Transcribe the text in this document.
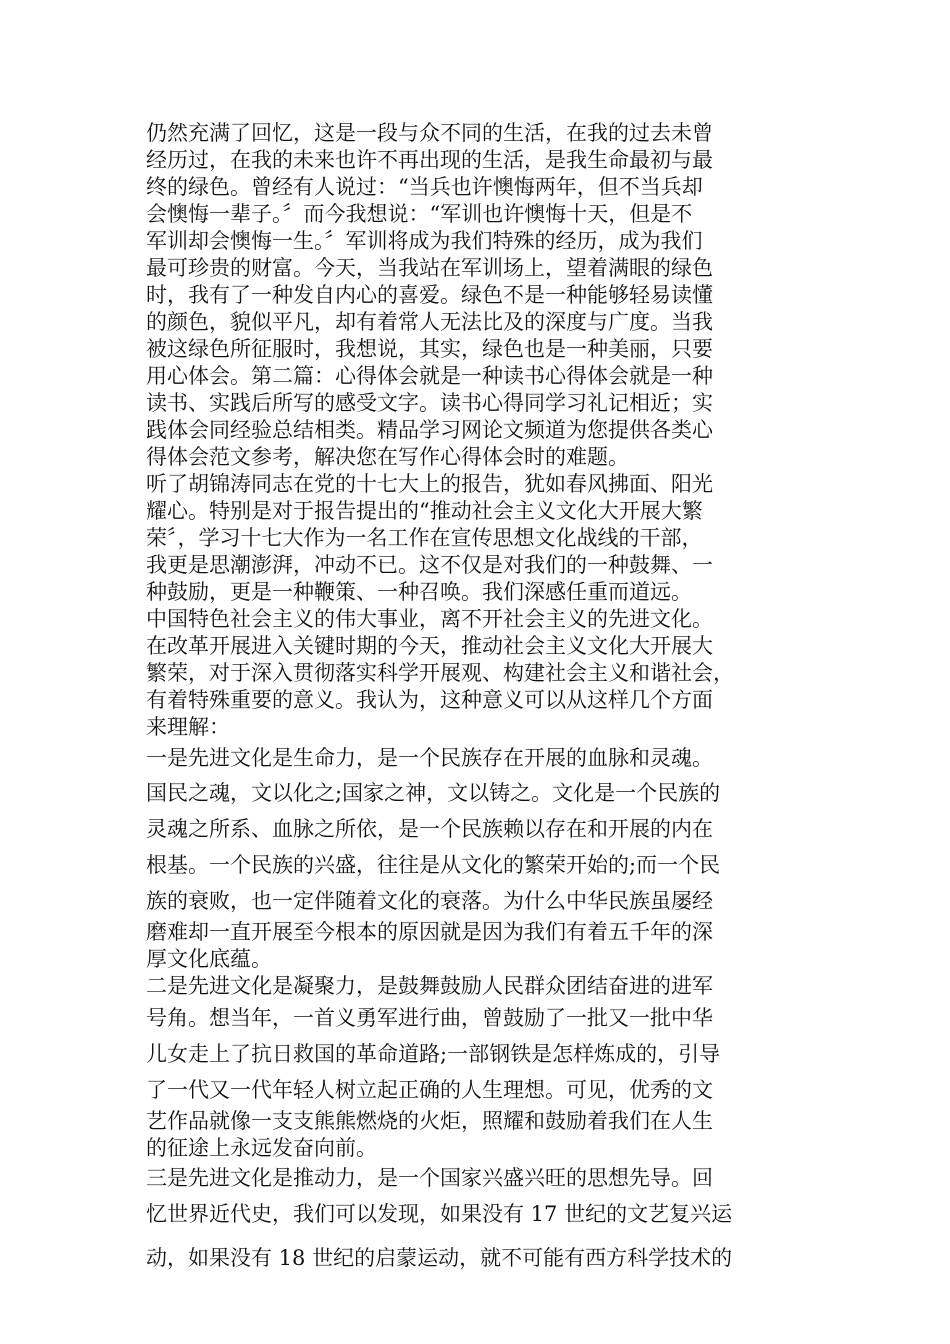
仍然充满了回忆，这是一段与众不同的生活，在我的过去未曾

经历过，在我的未来也许不再出现的生活，是我生命最初与最

终的绿色。曾经有人说过：“当兵也许懊悔两年，但不当兵却

会懊悔一辈子。〞而今我想说：“军训也许懊悔十天，但是不

军训却会懊悔一生。〞军训将成为我们特殊的经历，成为我们

最可珍贵的财富。今天，当我站在军训场上，望着满眼的绿色

时，我有了一种发自内心的喜爱。绿色不是一种能够轻易读懂

的颜色，貌似平凡，却有着常人无法比及的深度与广度。当我

被这绿色所征服时，我想说，其实，绿色也是一种美丽，只要

用心体会。第二篇：心得体会就是一种读书心得体会就是一种

读书、实践后所写的感受文字。读书心得同学习礼记相近；实

践体会同经验总结相类。精品学习网论文频道为您提供各类心

得体会范文参考，解决您在写作心得体会时的难题。

听了胡锦涛同志在党的十七大上的报告，犹如春风拂面、阳光

耀心。特别是对于报告提出的“推动社会主义文化大开展大繁

荣〞，学习十七大作为一名工作在宣传思想文化战线的干部，

我更是思潮澎湃，冲动不已。这不仅是对我们的一种鼓舞、一

种鼓励，更是一种鞭策、一种召唤。我们深感任重而道远。

中国特色社会主义的伟大事业，离不开社会主义的先进文化。

在改革开展进入关键时期的今天，推动社会主义文化大开展大

繁荣，对于深入贯彻落实科学开展观、构建社会主义和谐社会，

有着特殊重要的意义。我认为，这种意义可以从这样几个方面

来理解：

一是先进文化是生命力，是一个民族存在开展的血脉和灵魂。

国民之魂，文以化之;国家之神，文以铸之。文化是一个民族的

灵魂之所系、血脉之所依，是一个民族赖以存在和开展的内在

根基。一个民族的兴盛，往往是从文化的繁荣开始的;而一个民

族的衰败，也一定伴随着文化的衰落。为什么中华民族虽屡经

磨难却一直开展至今根本的原因就是因为我们有着五千年的深

厚文化底蕴。

二是先进文化是凝聚力，是鼓舞鼓励人民群众团结奋进的进军

号角。想当年，一首义勇军进行曲，曾鼓励了一批又一批中华

儿女走上了抗日救国的革命道路;一部钢铁是怎样炼成的，引导

了一代又一代年轻人树立起正确的人生理想。可见，优秀的文

艺作品就像一支支熊熊燃烧的火炬，照耀和鼓励着我们在人生

的征途上永远发奋向前。

三是先进文化是推动力，是一个国家兴盛兴旺的思想先导。回

忆世界近代史，我们可以发现，如果没有 17 世纪的文艺复兴运

动，如果没有 18 世纪的启蒙运动，就不可能有西方科学技术的
